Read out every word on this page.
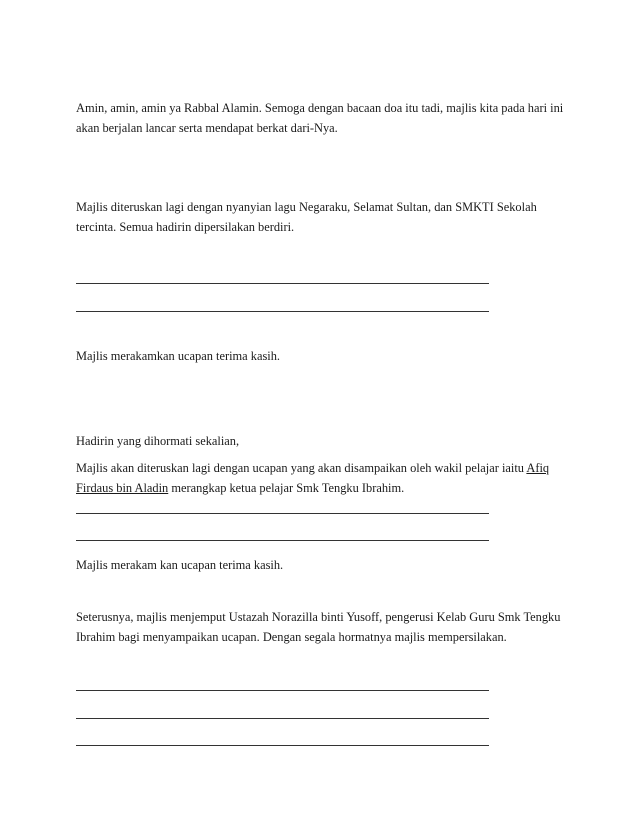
Amin, amin, amin ya Rabbal Alamin. Semoga dengan bacaan doa itu tadi, majlis kita pada hari ini akan berjalan lancar serta mendapat berkat dari-Nya.

Majlis diteruskan lagi dengan nyanyian lagu Negaraku, Selamat Sultan, dan SMKTI Sekolah tercinta. Semua hadirin dipersilakan berdiri.

Majlis merakamkan ucapan terima kasih.

Hadirin yang dihormati sekalian,

Majlis akan diteruskan lagi dengan ucapan yang akan disampaikan oleh wakil pelajar iaitu Afiq Firdaus bin Aladin merangkap ketua pelajar Smk Tengku Ibrahim.

Majlis merakam kan ucapan terima kasih.

Seterusnya, majlis menjemput Ustazah Norazilla binti Yusoff, pengerusi Kelab Guru Smk Tengku Ibrahim bagi menyampaikan ucapan. Dengan segala hormatnya majlis mempersilakan.
